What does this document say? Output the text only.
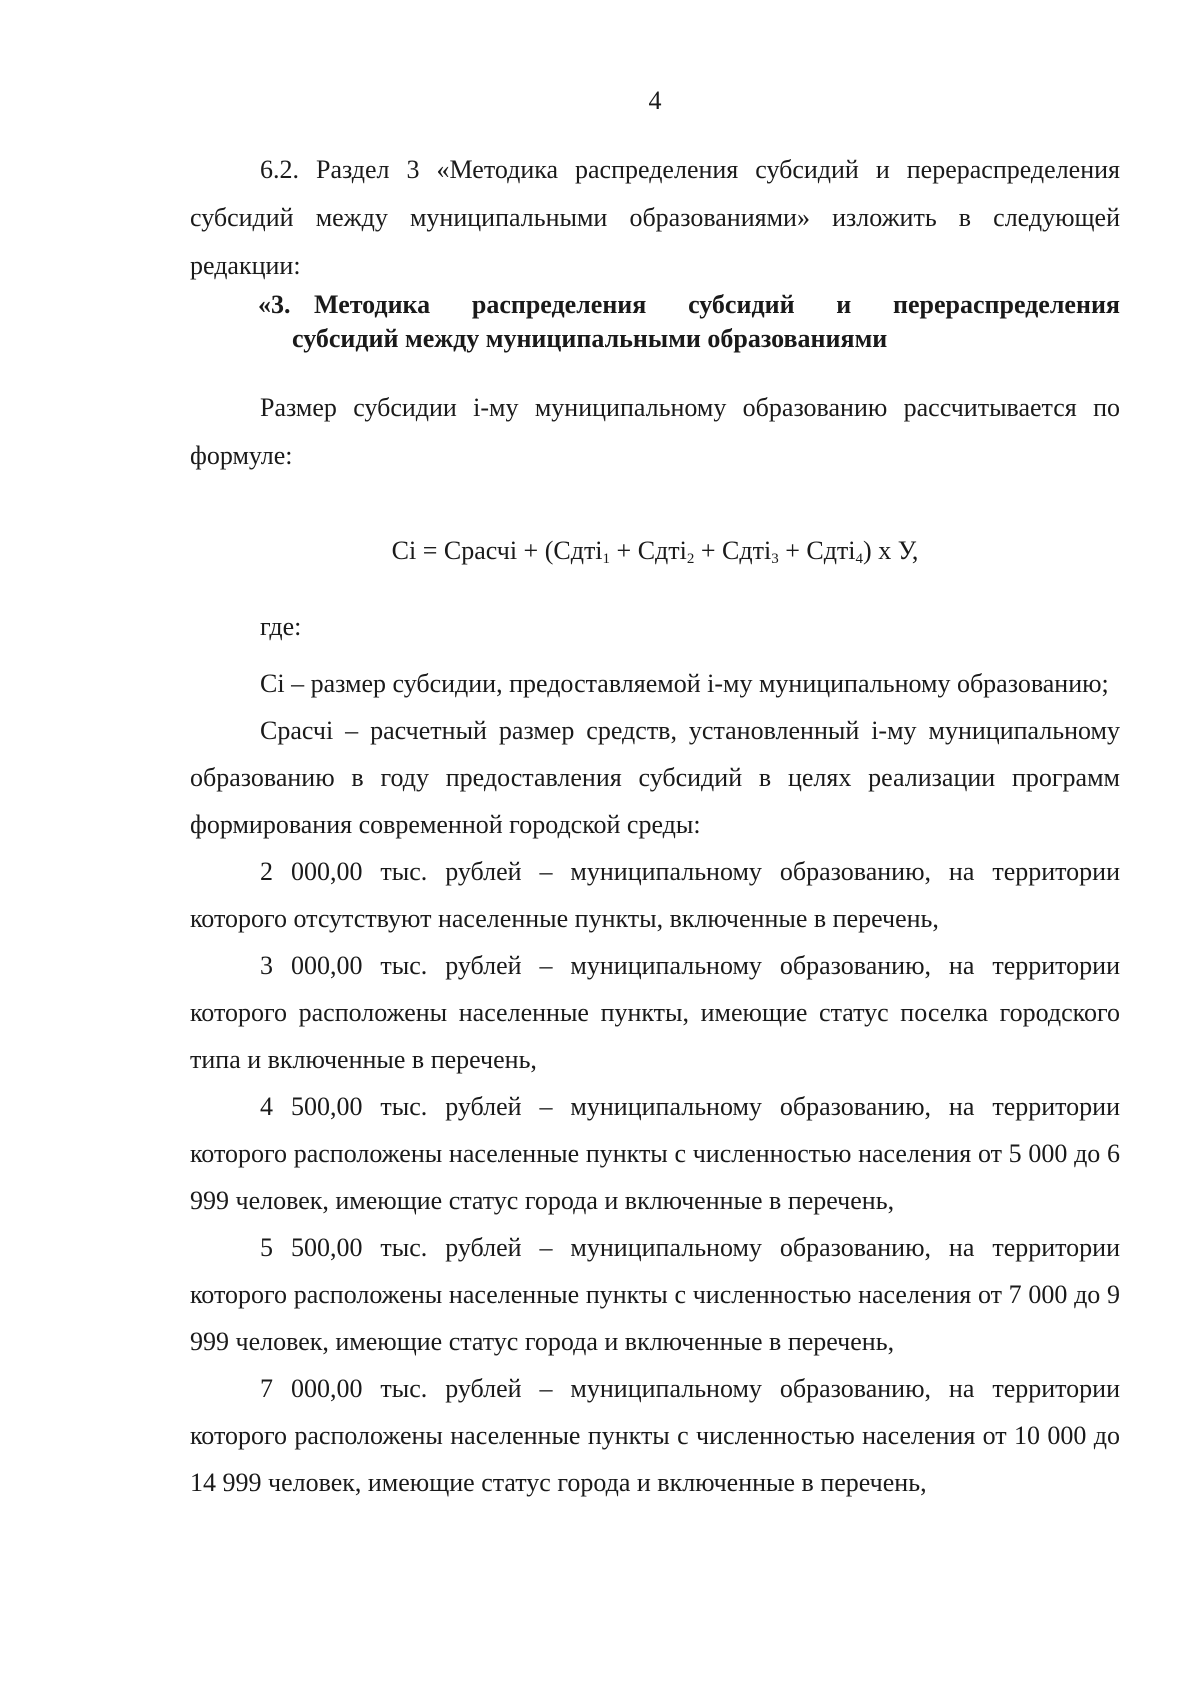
4

6.2. Раздел 3 «Методика распределения субсидий и перераспределения субсидий между муниципальными образованиями» изложить в следующей редакции:

«3. Методика распределения субсидий и перераспределения
субсидий между муниципальными образованиями

Размер субсидии i-му муниципальному образованию рассчитывается по формуле:

Ci = Срасчi + (Сдтi$_1$ + Сдтi$_2$ + Сдтi$_3$ + Сдтi$_4$) х У,
где:

Ci – размер субсидии, предоставляемой i-му муниципальному образованию;

Срасчi – расчетный размер средств, установленный i-му муниципальному образованию в году предоставления субсидий в целях реализации программ формирования современной городской среды:

2 000,00 тыс. рублей – муниципальному образованию, на территории которого отсутствуют населенные пункты, включенные в перечень,

3 000,00 тыс. рублей – муниципальному образованию, на территории которого расположены населенные пункты, имеющие статус поселка городского типа и включенные в перечень,

4 500,00 тыс. рублей – муниципальному образованию, на территории которого расположены населенные пункты с численностью населения от 5 000 до 6 999 человек, имеющие статус города и включенные в перечень,

5 500,00 тыс. рублей – муниципальному образованию, на территории которого расположены населенные пункты с численностью населения от 7 000 до 9 999 человек, имеющие статус города и включенные в перечень,

7 000,00 тыс. рублей – муниципальному образованию, на территории которого расположены населенные пункты с численностью населения от 10 000 до 14 999 человек, имеющие статус города и включенные в перечень,
